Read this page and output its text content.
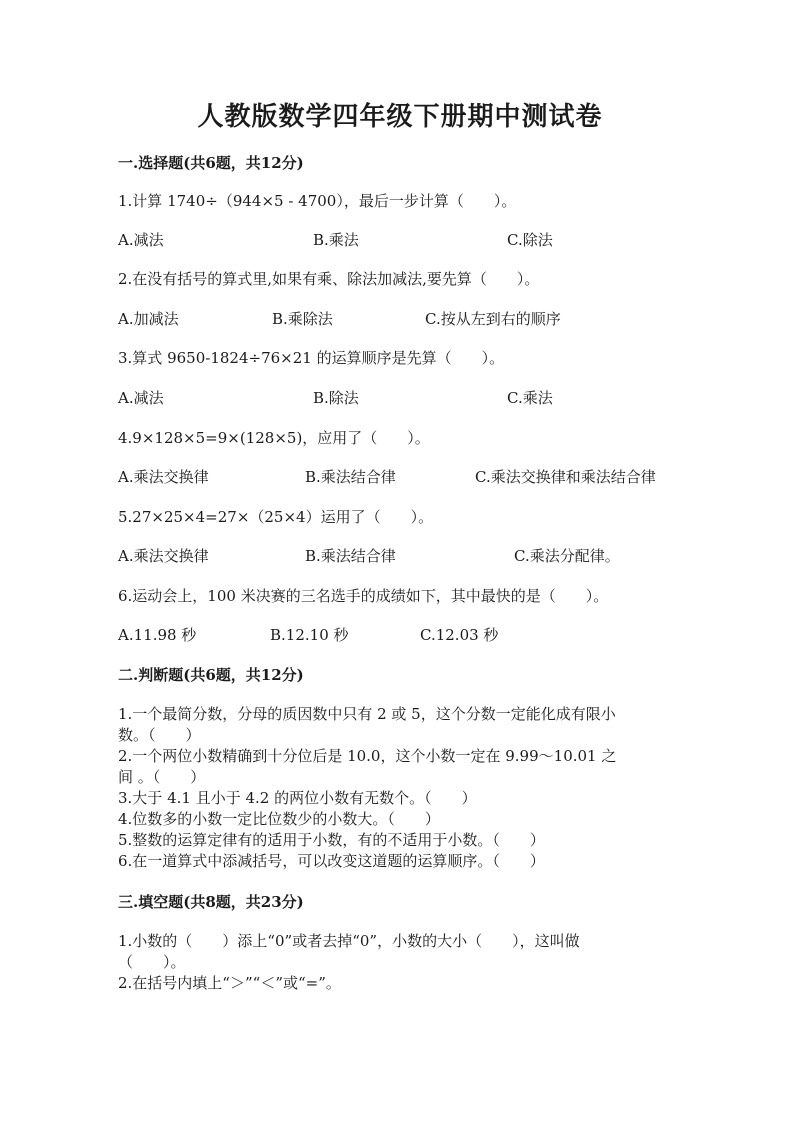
人教版数学四年级下册期中测试卷
一.选择题(共6题，共12分)
1.计算 1740÷（944×5 - 4700），最后一步计算（　　）。
A.减法	B.乘法	C.除法
2.在没有括号的算式里,如果有乘、除法加减法,要先算（　　）。
A.加减法	B.乘除法	C.按从左到右的顺序
3.算式 9650-1824÷76×21 的运算顺序是先算（　　）。
A.减法	B.除法	C.乘法
4.9×128×5=9×(128×5)，应用了（　　）。
A.乘法交换律	B.乘法结合律	C.乘法交换律和乘法结合律
5.27×25×4=27×（25×4）运用了（　　）。
A.乘法交换律	B.乘法结合律	C.乘法分配律。
6.运动会上，100 米决赛的三名选手的成绩如下，其中最快的是（　　）。
A.11.98 秒	B.12.10 秒	C.12.03 秒
二.判断题(共6题，共12分)
1.一个最简分数，分母的质因数中只有 2 或 5，这个分数一定能化成有限小
数。（　　）
2.一个两位小数精确到十分位后是 10.0，这个小数一定在 9.99～10.01 之
间 。（　　）
3.大于 4.1 且小于 4.2 的两位小数有无数个。（　　）
4.位数多的小数一定比位数少的小数大。（　　）
5.整数的运算定律有的适用于小数，有的不适用于小数。（　　）
6.在一道算式中添减括号，可以改变这道题的运算顺序。（　　）
三.填空题(共8题，共23分)
1.小数的（　　）添上“0”或者去掉“0”，小数的大小（　　），这叫做
（　　）。
2.在括号内填上“＞”“＜”或“=”。
